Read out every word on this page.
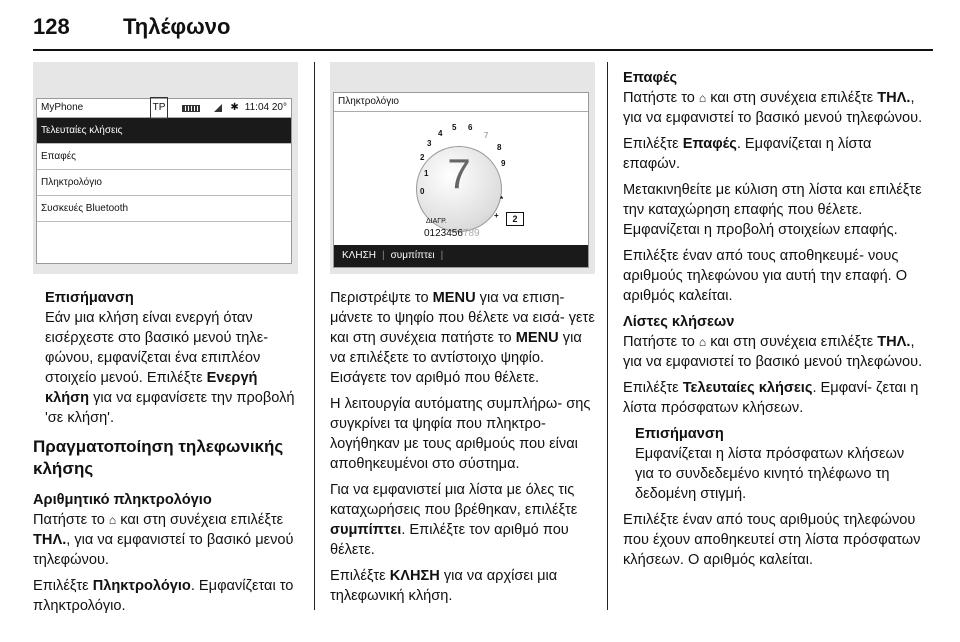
128 Τηλέφωνο
MyPhone	TP	✱ 11:04
20°
Τελευταίες κλήσεις
Επαφές
Πληκτρολόγιο
Συσκευές Bluetooth
Επισήμανση

Εάν μια κλήση είναι ενεργή όταν εισέρχεστε στο βασικό μενού τηλε- φώνου, εμφανίζεται ένα επιπλέον στοιχείο μενού. Επιλέξτε Ενεργή κλήση για να εμφανίσετε την προβολή 'σε κλήση'.

Πραγματοποίηση τηλεφωνικής κλήσης
Αριθμητικό πληκτρολόγιο

Πατήστε το ⌂ και στη συνέχεια επιλέξτε ΤΗΛ., για να εμφανιστεί το βασικό μενού τηλεφώνου.

Επιλέξτε Πληκτρολόγιο. Εμφανίζεται το πληκτρολόγιο.

Πληκτρολόγιο
7
1
2
3
4
5 6
7
8
9
0
+
*
ΔΙΑΓΡ.
0123456789
2
ΚΛΗΣΗ | συμπίπτει |

Περιστρέψτε το MENU για να επιση- μάνετε το ψηφίο που θέλετε να εισά- γετε και στη συνέχεια πατήστε το MENU για να επιλέξετε το αντίστοιχο ψηφίο. Εισάγετε τον αριθμό που θέλετε.

Η λειτουργία αυτόματης συμπλήρω- σης συγκρίνει τα ψηφία που πληκτρο- λογήθηκαν με τους αριθμούς που είναι αποθηκευμένοι στο σύστημα.

Για να εμφανιστεί μια λίστα με όλες τις καταχωρήσεις που βρέθηκαν, επιλέξτε συμπίπτει. Επιλέξτε τον αριθμό που θέλετε.

Επιλέξτε ΚΛΗΣΗ για να αρχίσει μια τηλεφωνική κλήση.

Επαφές

Πατήστε το ⌂ και στη συνέχεια επιλέξτε ΤΗΛ., για να εμφανιστεί το βασικό μενού τηλεφώνου.

Επιλέξτε Επαφές. Εμφανίζεται η λίστα επαφών.

Μετακινηθείτε με κύλιση στη λίστα και επιλέξτε την καταχώρηση επαφής που θέλετε. Εμφανίζεται η προβολή στοιχείων επαφής.

Επιλέξτε έναν από τους αποθηκευμέ- νους αριθμούς τηλεφώνου για αυτή την επαφή. Ο αριθμός καλείται.

Λίστες κλήσεων

Πατήστε το ⌂ και στη συνέχεια επιλέξτε ΤΗΛ., για να εμφανιστεί το βασικό μενού τηλεφώνου.

Επιλέξτε Τελευταίες κλήσεις. Εμφανί- ζεται η λίστα πρόσφατων κλήσεων.

Επισήμανση

Εμφανίζεται η λίστα πρόσφατων κλήσεων για το συνδεδεμένο κινητό τηλέφωνο τη δεδομένη στιγμή.

Επιλέξτε έναν από τους αριθμούς τηλεφώνου που έχουν αποθηκευτεί στη λίστα πρόσφατων κλήσεων. Ο αριθμός καλείται.
